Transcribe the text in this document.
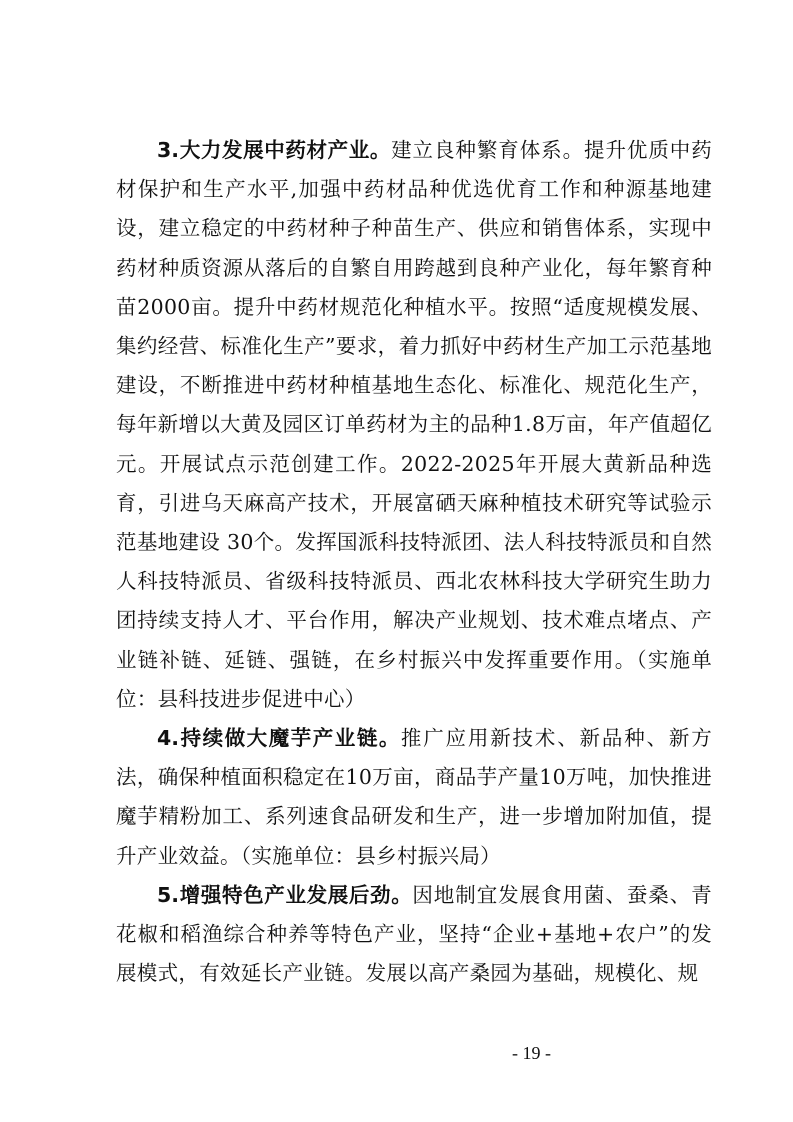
3.大力发展中药材产业。建立良种繁育体系。提升优质中药材保护和生产水平,加强中药材品种优选优育工作和种源基地建设，建立稳定的中药材种子种苗生产、供应和销售体系，实现中药材种质资源从落后的自繁自用跨越到良种产业化，每年繁育种苗2000亩。提升中药材规范化种植水平。按照“适度规模发展、集约经营、标准化生产”要求，着力抓好中药材生产加工示范基地建设，不断推进中药材种植基地生态化、标准化、规范化生产，每年新增以大黄及园区订单药材为主的品种1.8万亩，年产值超亿元。开展试点示范创建工作。2022-2025年开展大黄新品种选育，引进乌天麻高产技术，开展富硒天麻种植技术研究等试验示范基地建设 30个。发挥国派科技特派团、法人科技特派员和自然人科技特派员、省级科技特派员、西北农林科技大学研究生助力团持续支持人才、平台作用，解决产业规划、技术难点堵点、产业链补链、延链、强链，在乡村振兴中发挥重要作用。（实施单位：县科技进步促进中心）

4.持续做大魔芋产业链。推广应用新技术、新品种、新方法，确保种植面积稳定在10万亩，商品芋产量10万吨，加快推进魔芋精粉加工、系列速食品研发和生产，进一步增加附加值，提升产业效益。（实施单位：县乡村振兴局）

5.增强特色产业发展后劲。因地制宜发展食用菌、蚕桑、青花椒和稻渔综合种养等特色产业，坚持“企业+基地+农户”的发展模式，有效延长产业链。发展以高产桑园为基础，规模化、规

- 19 -
